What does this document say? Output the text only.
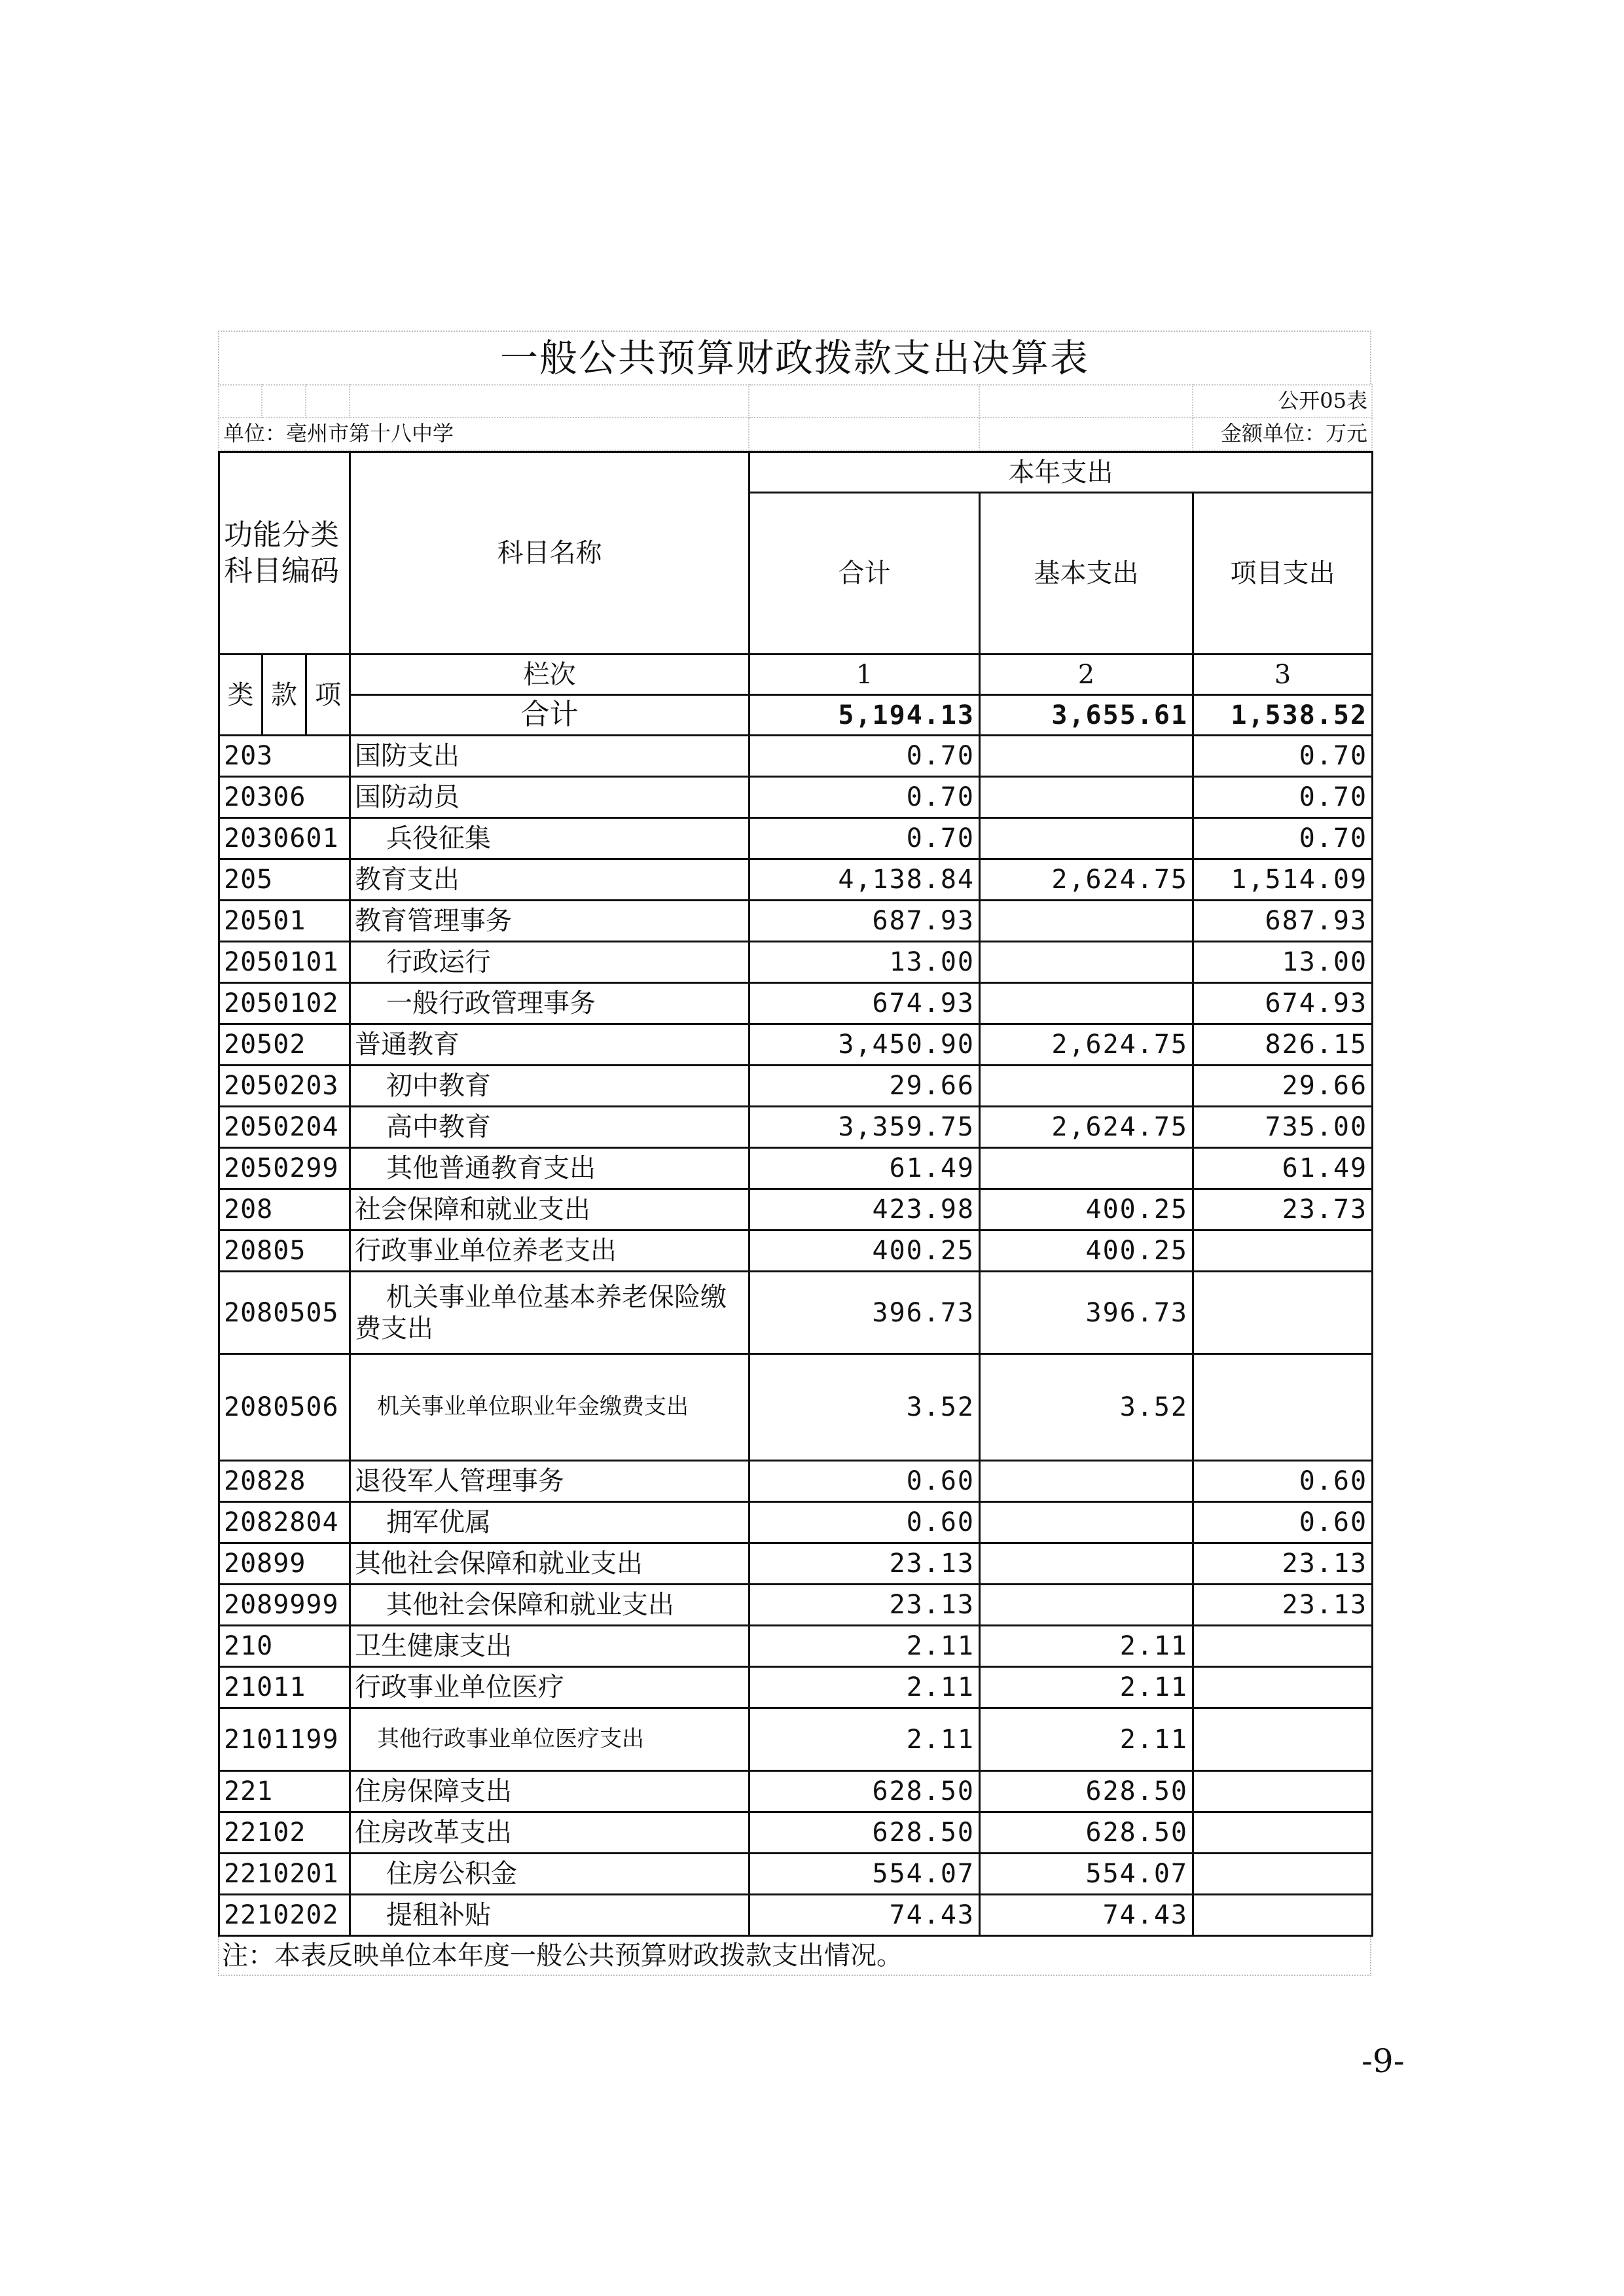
一般公共预算财政拨款支出决算表
						公开05表
单位：亳州市第十八中学						金额单位：万元
功能分类科目编码			科目名称	本年支出		
				合计	基本支出	项目支出
类	款	项	栏次	1	2	3
			合计	5,194.13	3,655.61	1,538.52
203			国防支出	0.70		0.70
20306			国防动员	0.70		0.70
2030601			兵役征集	0.70		0.70
205			教育支出	4,138.84	2,624.75	1,514.09
20501			教育管理事务	687.93		687.93
2050101			行政运行	13.00		13.00
2050102			一般行政管理事务	674.93		674.93
20502			普通教育	3,450.90	2,624.75	826.15
2050203			初中教育	29.66		29.66
2050204			高中教育	3,359.75	2,624.75	735.00
2050299			其他普通教育支出	61.49		61.49
208			社会保障和就业支出	423.98	400.25	23.73
20805			行政事业单位养老支出	400.25	400.25	
2080505			机关事业单位基本养老保险缴费支出	396.73	396.73	
2080506			机关事业单位职业年金缴费支出	3.52	3.52	
20828			退役军人管理事务	0.60		0.60
2082804			拥军优属	0.60		0.60
20899			其他社会保障和就业支出	23.13		23.13
2089999			其他社会保障和就业支出	23.13		23.13
210			卫生健康支出	2.11	2.11	
21011			行政事业单位医疗	2.11	2.11	
2101199			其他行政事业单位医疗支出	2.11	2.11	
221			住房保障支出	628.50	628.50	
22102			住房改革支出	628.50	628.50	
2210201			住房公积金	554.07	554.07	
2210202			提租补贴	74.43	74.43	
注：本表反映单位本年度一般公共预算财政拨款支出情况。
-9-
